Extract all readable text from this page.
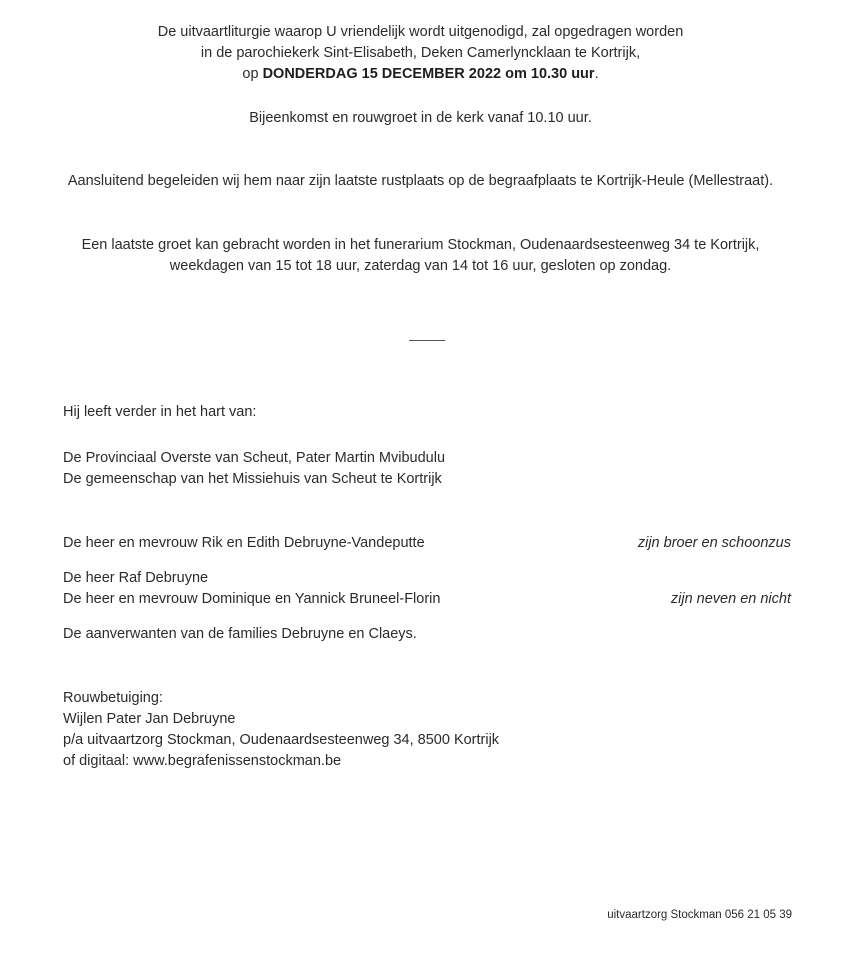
De uitvaartliturgie waarop U vriendelijk wordt uitgenodigd, zal opgedragen worden
in de parochiekerk Sint-Elisabeth, Deken Camerlyncklaan te Kortrijk,
op DONDERDAG 15 DECEMBER 2022 om 10.30 uur.
Bijeenkomst en rouwgroet in de kerk vanaf 10.10 uur.
Aansluitend begeleiden wij hem naar zijn laatste rustplaats op de begraafplaats te Kortrijk-Heule (Mellestraat).
Een laatste groet kan gebracht worden in het funerarium Stockman, Oudenaardsesteenweg 34 te Kortrijk,
weekdagen van 15 tot 18 uur, zaterdag van 14 tot 16 uur, gesloten op zondag.
Hij leeft verder in het hart van:
De Provinciaal Overste van Scheut, Pater Martin Mvibudulu
De gemeenschap van het Missiehuis van Scheut te Kortrijk
De heer en mevrouw Rik en Edith Debruyne-Vandeputte	zijn broer en schoonzus
De heer Raf Debruyne
De heer en mevrouw Dominique en Yannick Bruneel-Florin	zijn neven en nicht
De aanverwanten van de families Debruyne en Claeys.
Rouwbetuiging:
Wijlen Pater Jan Debruyne
p/a uitvaartzorg Stockman, Oudenaardsesteenweg 34, 8500 Kortrijk
of digitaal: www.begrafenissenstockman.be
uitvaartzorg Stockman 056 21 05 39
